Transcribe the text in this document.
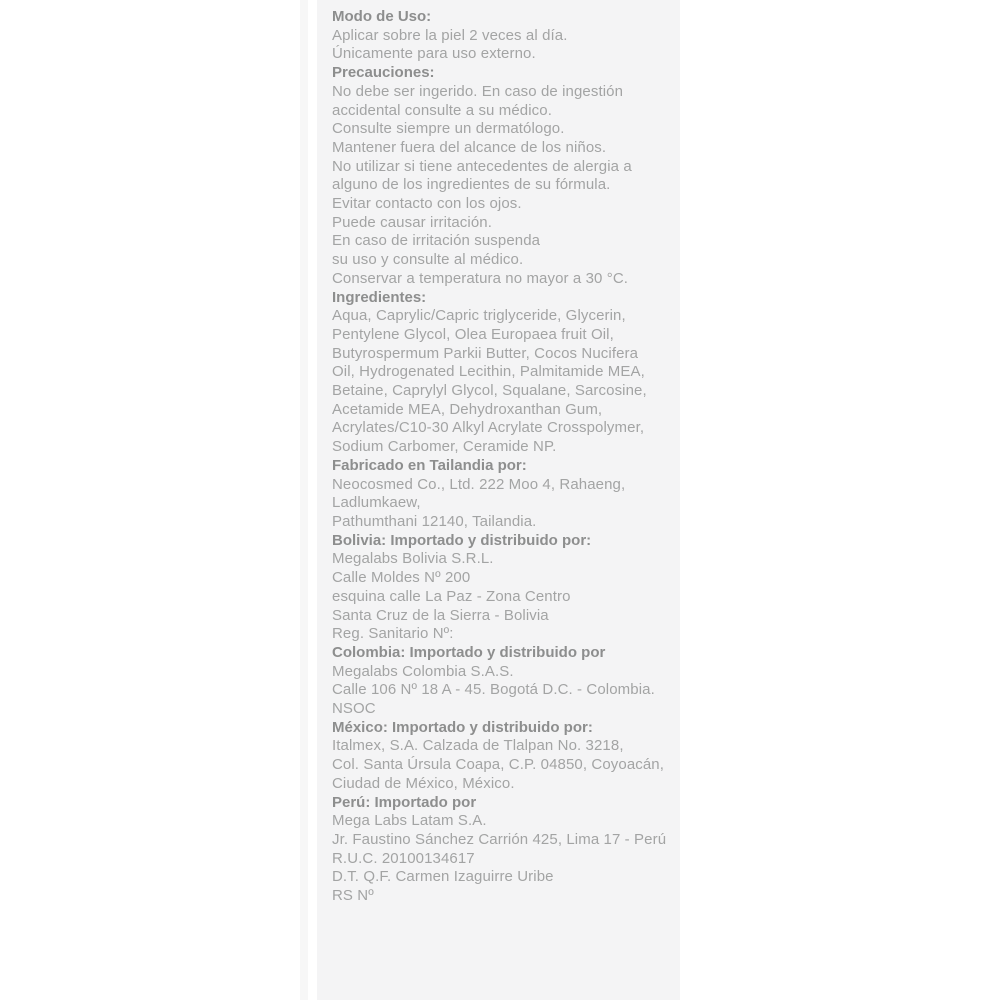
Modo de Uso:
Aplicar sobre la piel 2 veces al día.
Únicamente para uso externo.
Precauciones:
No debe ser ingerido. En caso de ingestión
accidental consulte a su médico.
Consulte siempre un dermatólogo.
Mantener fuera del alcance de los niños.
No utilizar si tiene antecedentes de alergia a
alguno de los ingredientes de su fórmula.
Evitar contacto con los ojos.
Puede causar irritación.
En caso de irritación suspenda
su uso y consulte al médico.
Conservar a temperatura no mayor a 30 °C.
Ingredientes:
Aqua, Caprylic/Capric triglyceride, Glycerin,
Pentylene Glycol, Olea Europaea fruit Oil,
Butyrospermum Parkii Butter, Cocos Nucifera
Oil, Hydrogenated Lecithin, Palmitamide MEA,
Betaine, Caprylyl Glycol, Squalane, Sarcosine,
Acetamide MEA, Dehydroxanthan Gum,
Acrylates/C10-30 Alkyl Acrylate Crosspolymer,
Sodium Carbomer, Ceramide NP.
Fabricado en Tailandia por:
Neocosmed Co., Ltd. 222 Moo 4, Rahaeng,
Ladlumkaew,
Pathumthani 12140, Tailandia.
Bolivia: Importado y distribuido por:
Megalabs Bolivia S.R.L.
Calle Moldes Nº 200
esquina calle La Paz - Zona Centro
Santa Cruz de la Sierra - Bolivia
Reg. Sanitario Nº:
Colombia: Importado y distribuido por
Megalabs Colombia S.A.S.
Calle 106 Nº 18 A - 45. Bogotá D.C. - Colombia.
NSOC
México: Importado y distribuido por:
Italmex, S.A. Calzada de Tlalpan No. 3218,
Col. Santa Úrsula Coapa, C.P. 04850, Coyoacán,
Ciudad de México, México.
Perú: Importado por
Mega Labs Latam S.A.
Jr. Faustino Sánchez Carrión 425, Lima 17 - Perú
R.U.C. 20100134617
D.T. Q.F. Carmen Izaguirre Uribe
RS Nº
